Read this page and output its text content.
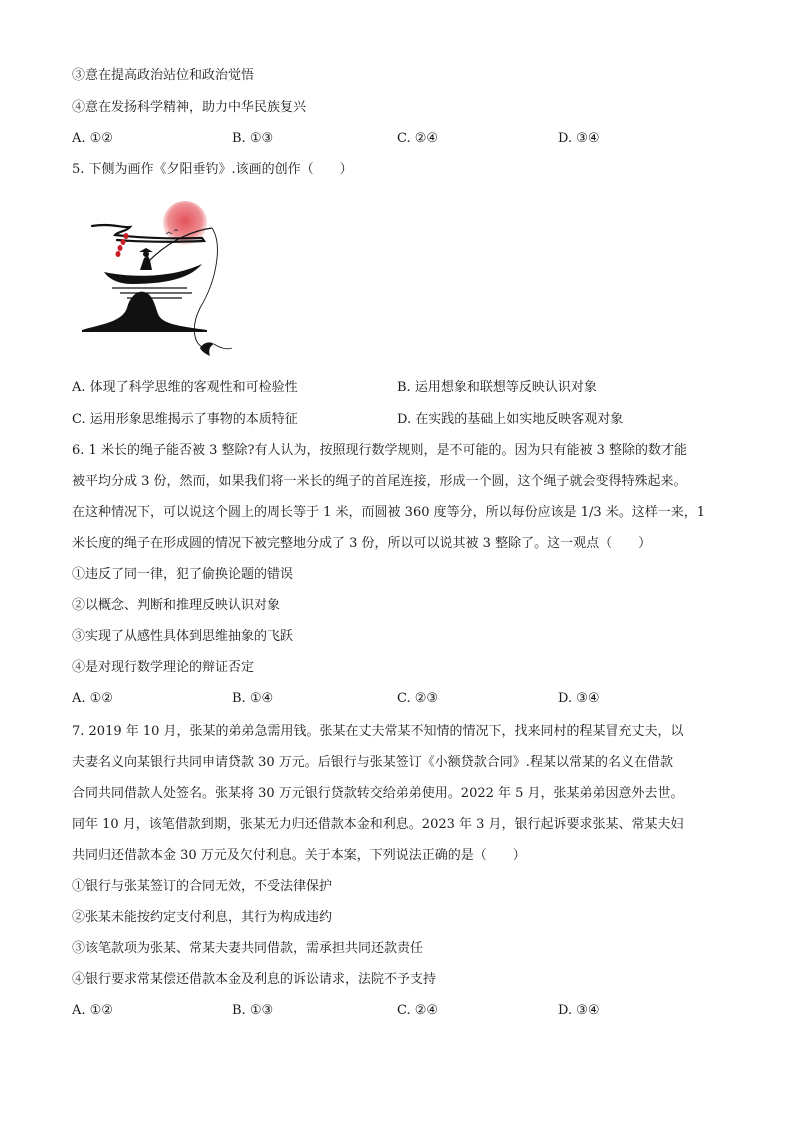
③意在提高政治站位和政治觉悟
④意在发扬科学精神，助力中华民族复兴
A. ①②	B. ①③	C. ②④	D. ③④
5. 下侧为画作《夕阳垂钓》.该画的创作（　　）
A. 体现了科学思维的客观性和可检验性	B. 运用想象和联想等反映认识对象
C. 运用形象思维揭示了事物的本质特征	D. 在实践的基础上如实地反映客观对象
6. 1 米长的绳子能否被 3 整除?有人认为，按照现行数学规则，是不可能的。因为只有能被 3 整除的数才能
被平均分成 3 份，然而，如果我们将一米长的绳子的首尾连接，形成一个圆，这个绳子就会变得特殊起来。
在这种情况下，可以说这个圆上的周长等于 1 米，而圆被 360 度等分，所以每份应该是 1/3 米。这样一来，1
米长度的绳子在形成圆的情况下被完整地分成了 3 份，所以可以说其被 3 整除了。这一观点（　　）
①违反了同一律，犯了偷换论题的错误
②以概念、判断和推理反映认识对象
③实现了从感性具体到思维抽象的飞跃
④是对现行数学理论的辩证否定
A. ①②	B. ①④	C. ②③	D. ③④
7. 2019 年 10 月，张某的弟弟急需用钱。张某在丈夫常某不知情的情况下，找来同村的程某冒充丈夫，以
夫妻名义向某银行共同申请贷款 30 万元。后银行与张某签订《小额贷款合同》.程某以常某的名义在借款
合同共同借款人处签名。张某将 30 万元银行贷款转交给弟弟使用。2022 年 5 月，张某弟弟因意外去世。
同年 10 月，该笔借款到期，张某无力归还借款本金和利息。2023 年 3 月，银行起诉要求张某、常某夫妇
共同归还借款本金 30 万元及欠付利息。关于本案，下列说法正确的是（　　）
①银行与张某签订的合同无效，不受法律保护
②张某未能按约定支付利息，其行为构成违约
③该笔款项为张某、常某夫妻共同借款，需承担共同还款责任
④银行要求常某偿还借款本金及利息的诉讼请求，法院不予支持
A. ①②	B. ①③	C. ②④	D. ③④
